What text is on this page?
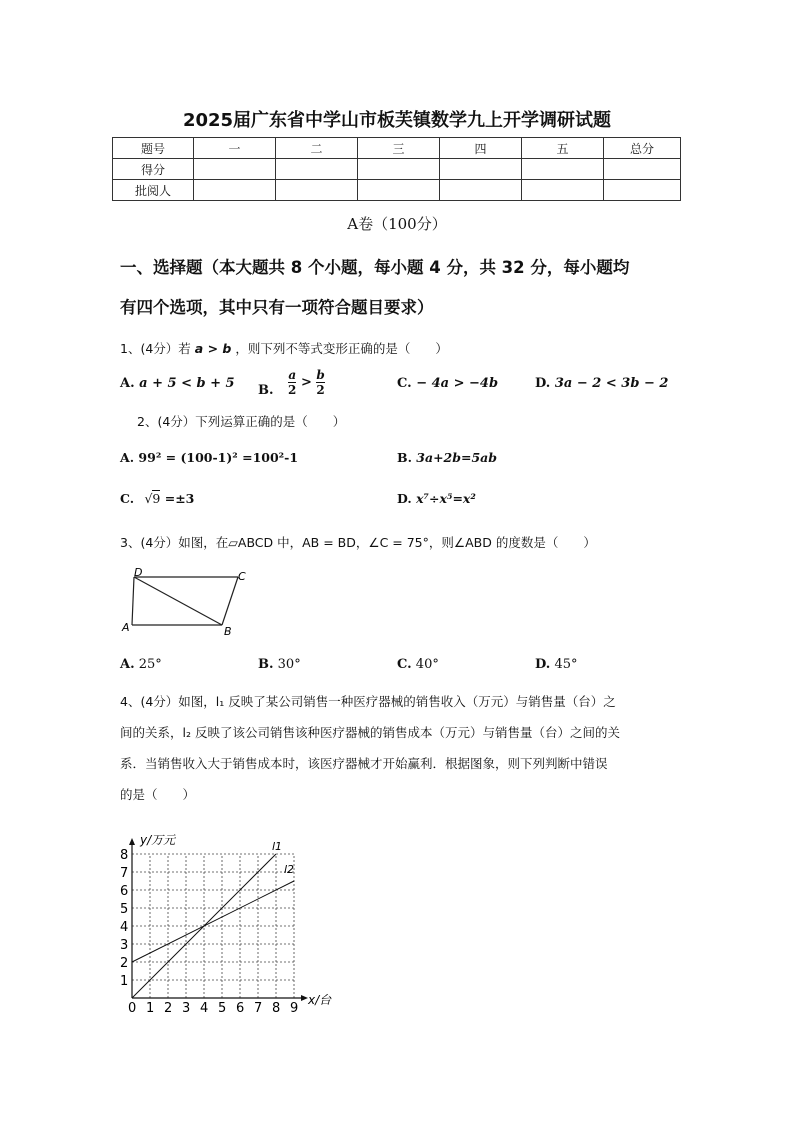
2025届广东省中学山市板芙镇数学九上开学调研试题
题号	一	二	三	四	五	总分
得分						
批阅人						
A卷（100分）
一、选择题（本大题共 8 个小题，每小题 4 分，共 32 分，每小题均
有四个选项，其中只有一项符合题目要求）
1、(4分）若 a > b ，则下列不等式变形正确的是（　　）
A. a + 5 < b + 5 B. $\frac{a}{2} > \frac{b}{2}$	C. − 4a > −4b	D. 3a − 2 < 3b − 2
2、(4分）下列运算正确的是（　　）
A. 99² = (100-1)² =100²-1	B. 3a+2b=5ab
C. √9 =±3	D. x⁷÷x⁵=x²
3、(4分）如图，在▱ABCD 中，AB = BD，∠C = 75°，则∠ABD 的度数是（　　）
D	C
A	B
A. 25°	B. 30°	C. 40°	D. 45°
4、(4分）如图，l₁ 反映了某公司销售一种医疗器械的销售收入（万元）与销售量（台）之
间的关系，l₂ 反映了该公司销售该种医疗器械的销售成本（万元）与销售量（台）之间的关
系．当销售收入大于销售成本时，该医疗器械才开始赢利．根据图象，则下列判断中错误
的是（　　）
0 1 2 3 4 5 6 7 8 9
1
2
3
4
5
6
7
8
x/台
y/万元	l1
l2
